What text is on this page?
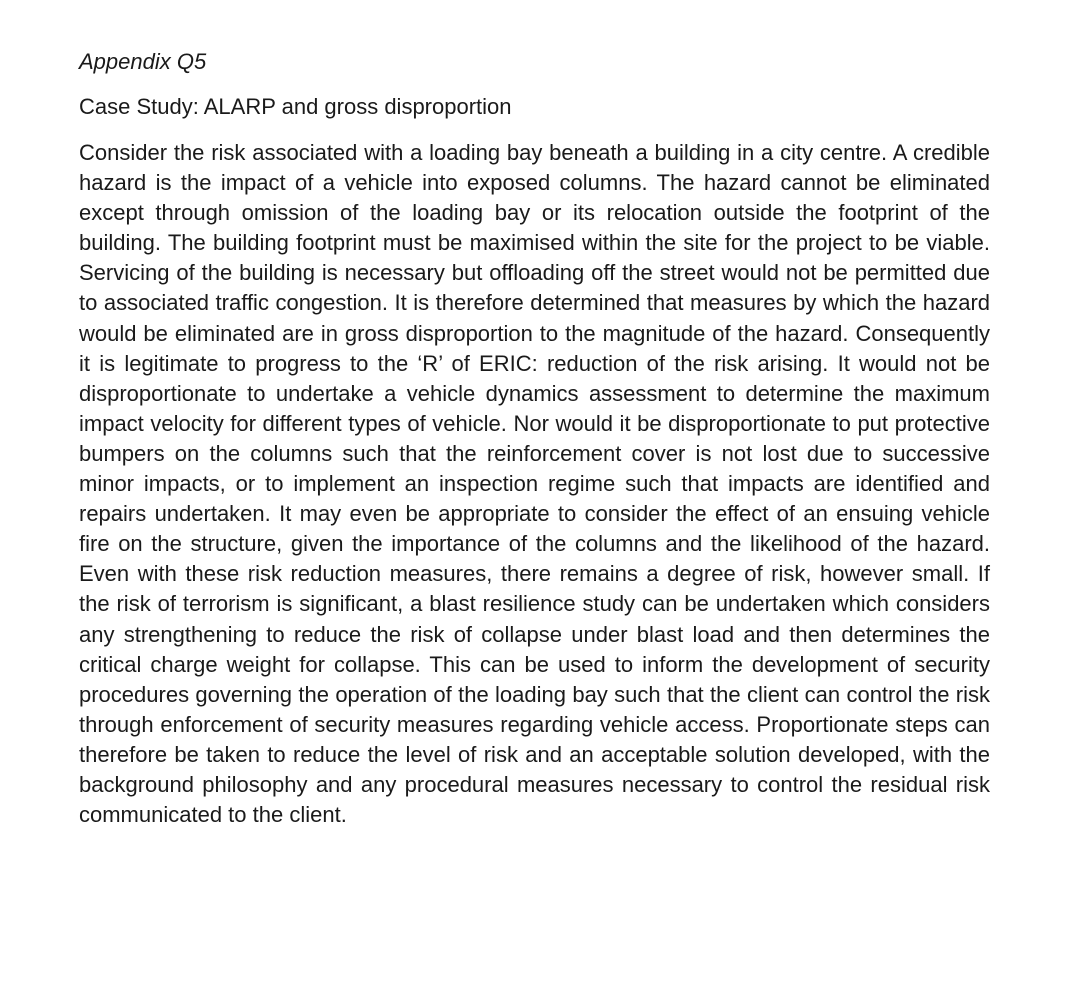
Appendix Q5

Case Study: ALARP and gross disproportion

Consider the risk associated with a loading bay beneath a building in a city centre. A credible hazard is the impact of a vehicle into exposed columns. The hazard cannot be eliminated except through omission of the loading bay or its relocation outside the footprint of the building. The building footprint must be maximised within the site for the project to be viable. Servicing of the building is necessary but offloading off the street would not be permitted due to associated traffic congestion. It is therefore determined that measures by which the hazard would be eliminated are in gross disproportion to the magnitude of the hazard. Consequently it is legitimate to progress to the ‘R’ of ERIC: reduction of the risk arising. It would not be disproportionate to undertake a vehicle dynamics assessment to determine the maximum impact velocity for different types of vehicle. Nor would it be disproportionate to put protective bumpers on the columns such that the reinforcement cover is not lost due to successive minor impacts, or to implement an inspection regime such that impacts are identified and repairs undertaken. It may even be appropriate to consider the effect of an ensuing vehicle fire on the structure, given the importance of the columns and the likelihood of the hazard. Even with these risk reduction measures, there remains a degree of risk, however small. If the risk of terrorism is significant, a blast resilience study can be undertaken which considers any strengthening to reduce the risk of collapse under blast load and then determines the critical charge weight for collapse. This can be used to inform the development of security procedures governing the operation of the loading bay such that the client can control the risk through enforcement of security measures regarding vehicle access. Proportionate steps can therefore be taken to reduce the level of risk and an acceptable solution developed, with the background philosophy and any procedural measures necessary to control the residual risk communicated to the client.
